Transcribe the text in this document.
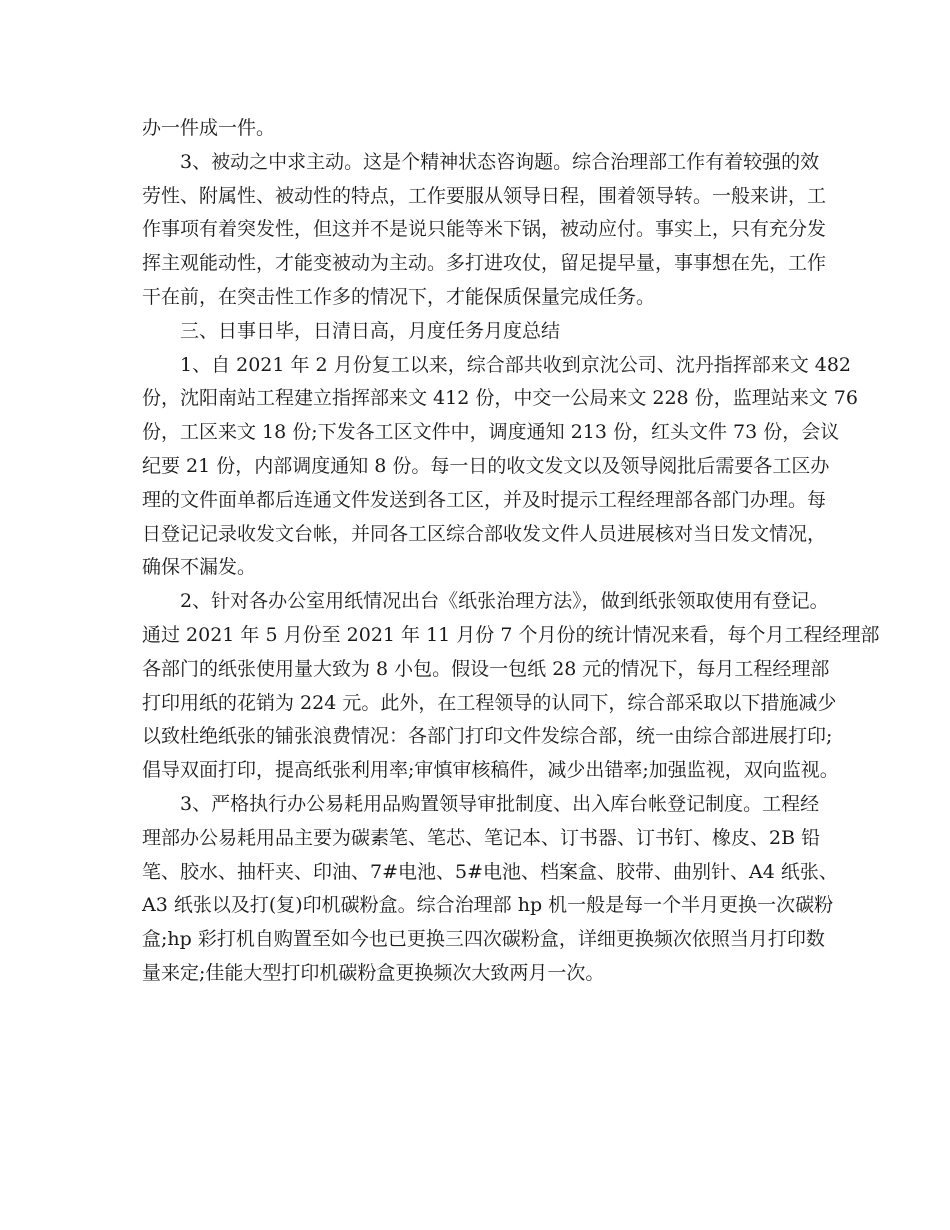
办一件成一件。
3、被动之中求主动。这是个精神状态咨询题。综合治理部工作有着较强的效
劳性、附属性、被动性的特点，工作要服从领导日程，围着领导转。一般来讲，工
作事项有着突发性，但这并不是说只能等米下锅，被动应付。事实上，只有充分发
挥主观能动性，才能变被动为主动。多打进攻仗，留足提早量，事事想在先，工作
干在前，在突击性工作多的情况下，才能保质保量完成任务。
三、日事日毕，日清日高，月度任务月度总结
1、自 2021 年 2 月份复工以来，综合部共收到京沈公司、沈丹指挥部来文 482
份，沈阳南站工程建立指挥部来文 412 份，中交一公局来文 228 份，监理站来文 76
份，工区来文 18 份;下发各工区文件中，调度通知 213 份，红头文件 73 份，会议
纪要 21 份，内部调度通知 8 份。每一日的收文发文以及领导阅批后需要各工区办
理的文件面单都后连通文件发送到各工区，并及时提示工程经理部各部门办理。每
日登记记录收发文台帐，并同各工区综合部收发文件人员进展核对当日发文情况，
确保不漏发。
2、针对各办公室用纸情况出台《纸张治理方法》，做到纸张领取使用有登记。
通过 2021 年 5 月份至 2021 年 11 月份 7 个月份的统计情况来看，每个月工程经理部
各部门的纸张使用量大致为 8 小包。假设一包纸 28 元的情况下，每月工程经理部
打印用纸的花销为 224 元。此外，在工程领导的认同下，综合部采取以下措施减少
以致杜绝纸张的铺张浪费情况：各部门打印文件发综合部，统一由综合部进展打印;
倡导双面打印，提高纸张利用率;审慎审核稿件，减少出错率;加强监视，双向监视。
3、严格执行办公易耗用品购置领导审批制度、出入库台帐登记制度。工程经
理部办公易耗用品主要为碳素笔、笔芯、笔记本、订书器、订书钉、橡皮、2B 铅
笔、胶水、抽杆夹、印油、7#电池、5#电池、档案盒、胶带、曲别针、A4 纸张、
A3 纸张以及打(复)印机碳粉盒。综合治理部 hp 机一般是每一个半月更换一次碳粉
盒;hp 彩打机自购置至如今也已更换三四次碳粉盒，详细更换频次依照当月打印数
量来定;佳能大型打印机碳粉盒更换频次大致两月一次。
